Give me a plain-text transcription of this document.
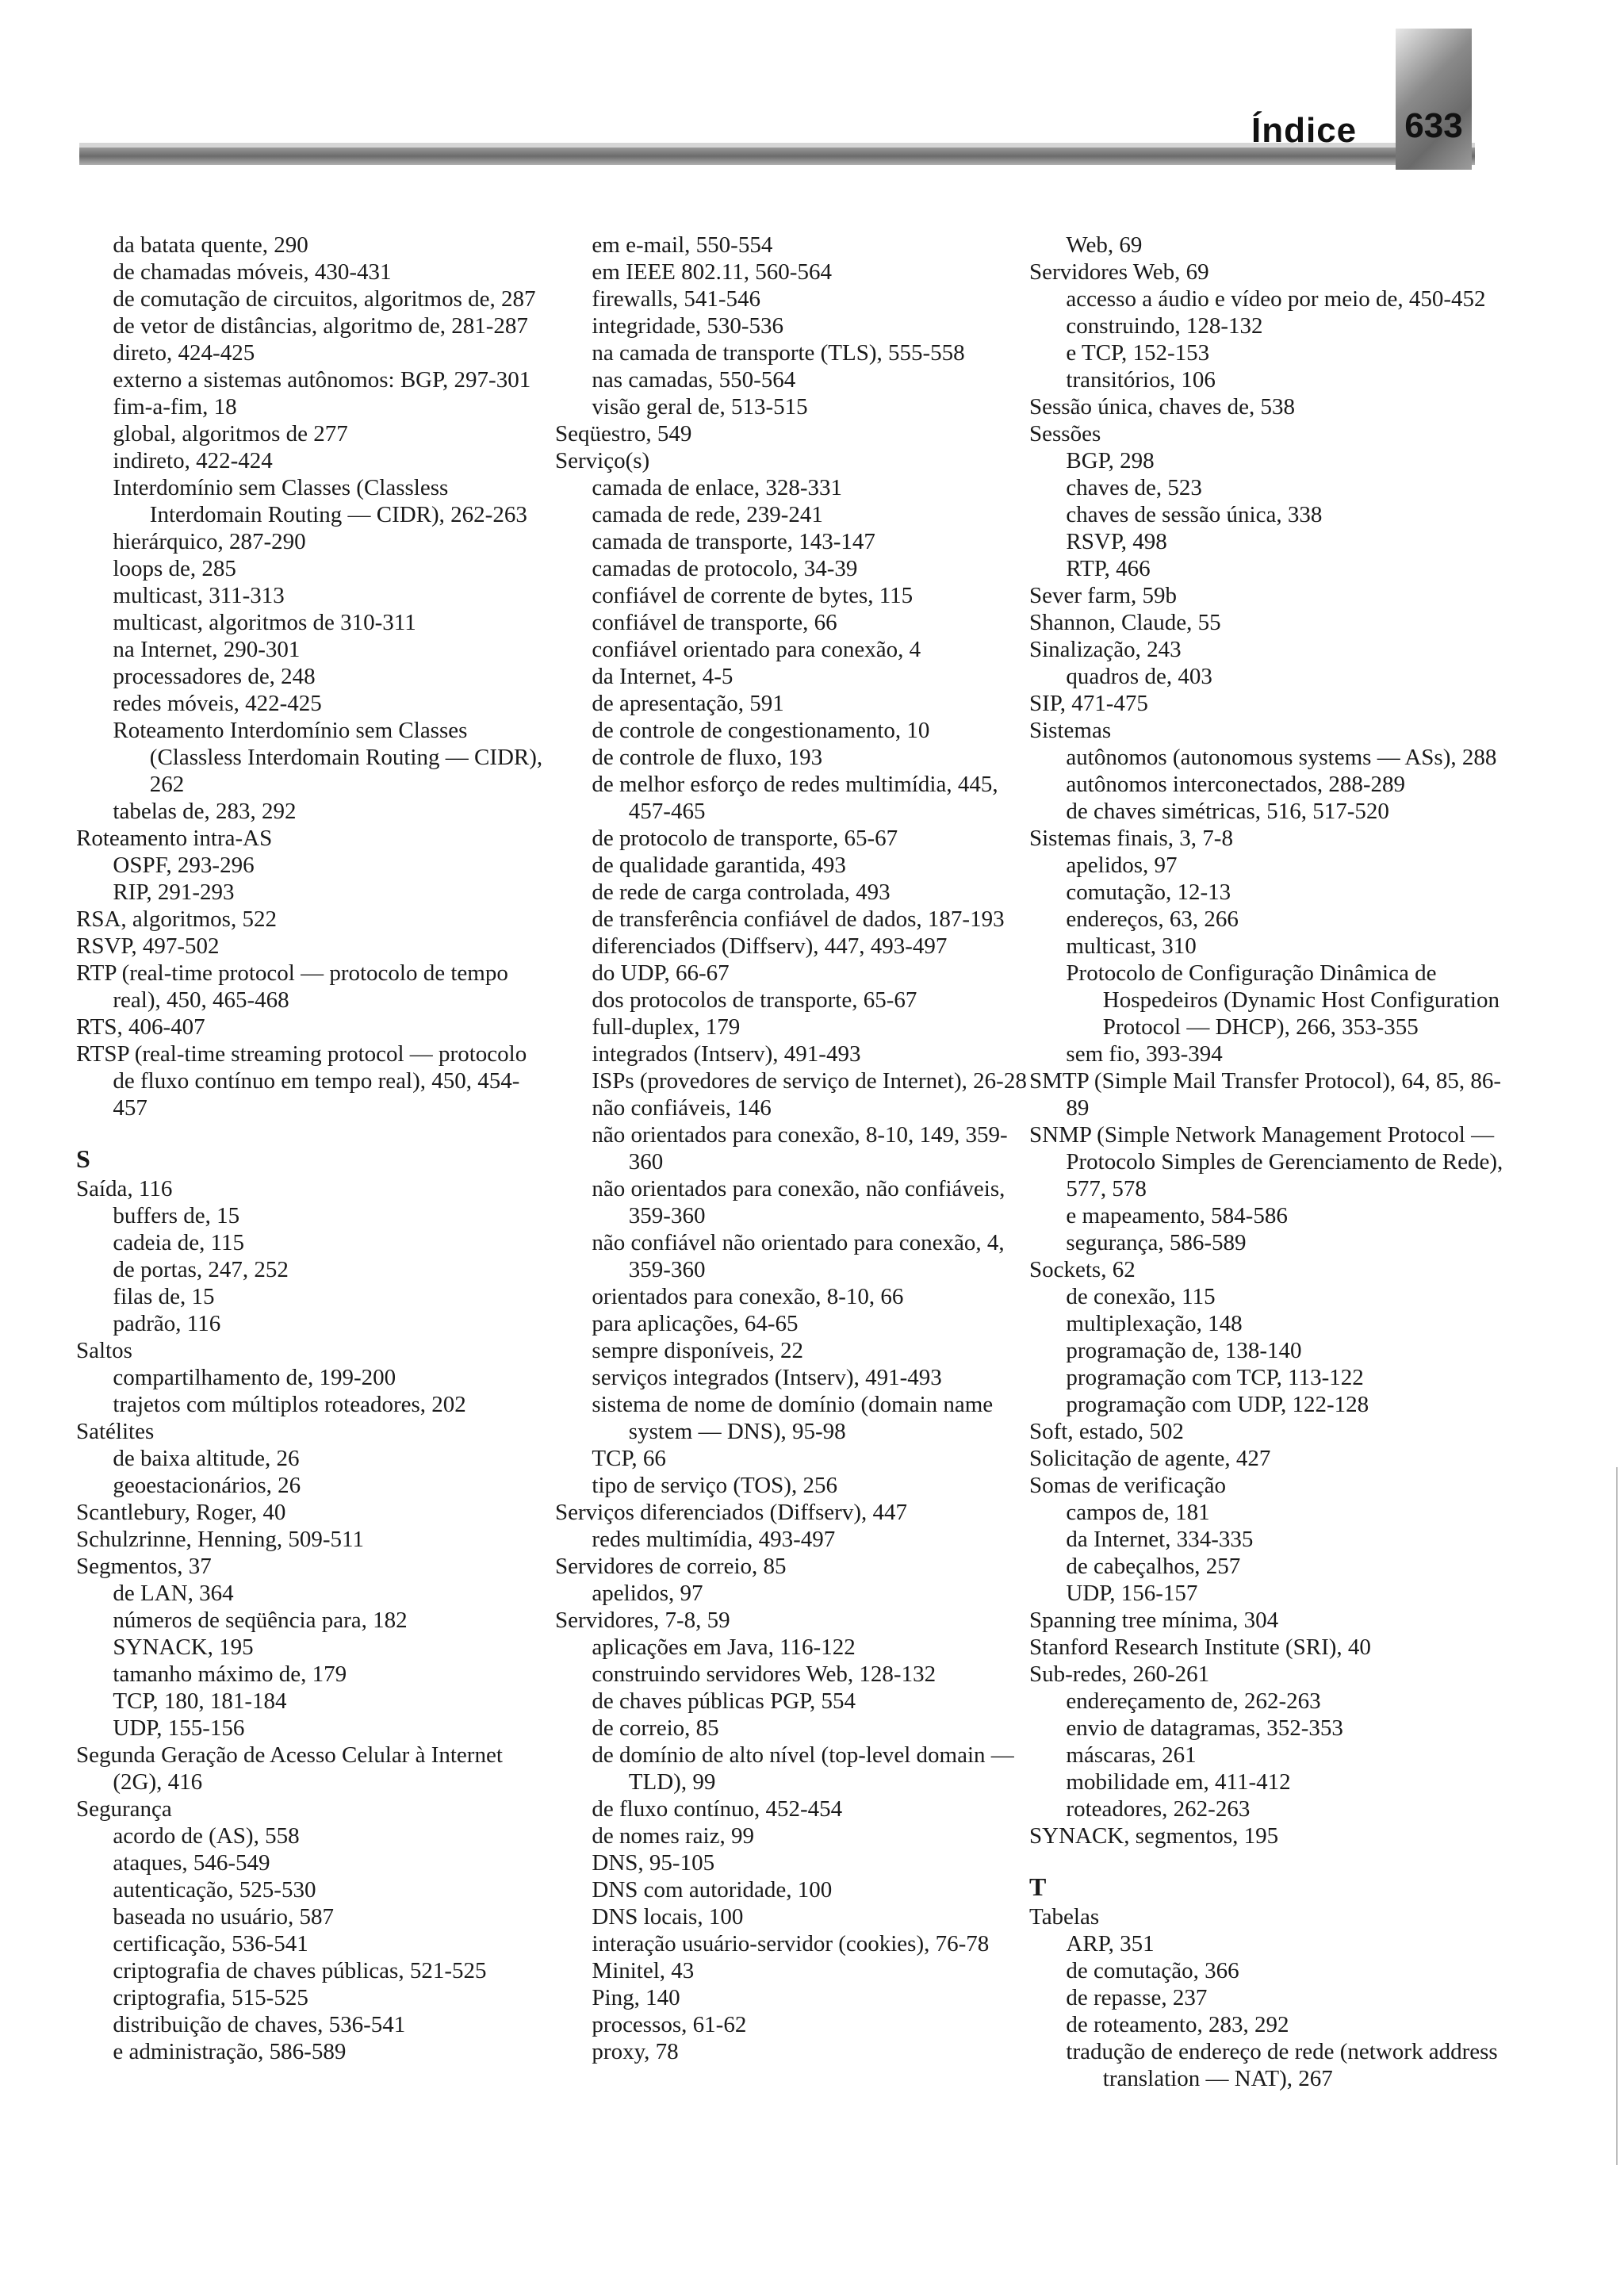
Índice 633

da batata quente, 290

de chamadas móveis, 430-431

de comutação de circuitos, algoritmos de, 287

de vetor de distâncias, algoritmo de, 281-287

direto, 424-425

externo a sistemas autônomos: BGP, 297-301

fim-a-fim, 18

global, algoritmos de 277

indireto, 422-424

Interdomínio sem Classes (Classless Interdomain Routing — CIDR), 262-263

hierárquico, 287-290

loops de, 285

multicast, 311-313

multicast, algoritmos de 310-311

na Internet, 290-301

processadores de, 248

redes móveis, 422-425

Roteamento Interdomínio sem Classes (Classless Interdomain Routing — CIDR), 262

tabelas de, 283, 292

Roteamento intra-AS

OSPF, 293-296

RIP, 291-293

RSA, algoritmos, 522

RSVP, 497-502

RTP (real-time protocol — protocolo de tempo real), 450, 465-468

RTS, 406-407

RTSP (real-time streaming protocol — protocolo de fluxo contínuo em tempo real), 450, 454-457

S

Saída, 116

buffers de, 15

cadeia de, 115

de portas, 247, 252

filas de, 15

padrão, 116

Saltos

compartilhamento de, 199-200

trajetos com múltiplos roteadores, 202

Satélites

de baixa altitude, 26

geoestacionários, 26

Scantlebury, Roger, 40

Schulzrinne, Henning, 509-511

Segmentos, 37

de LAN, 364

números de seqüência para, 182

SYNACK, 195

tamanho máximo de, 179

TCP, 180, 181-184

UDP, 155-156

Segunda Geração de Acesso Celular à Internet (2G), 416

Segurança

acordo de (AS), 558

ataques, 546-549

autenticação, 525-530

baseada no usuário, 587

certificação, 536-541

criptografia de chaves públicas, 521-525

criptografia, 515-525

distribuição de chaves, 536-541

e administração, 586-589

em e-mail, 550-554

em IEEE 802.11, 560-564

firewalls, 541-546

integridade, 530-536

na camada de transporte (TLS), 555-558

nas camadas, 550-564

visão geral de, 513-515

Seqüestro, 549

Serviço(s)

camada de enlace, 328-331

camada de rede, 239-241

camada de transporte, 143-147

camadas de protocolo, 34-39

confiável de corrente de bytes, 115

confiável de transporte, 66

confiável orientado para conexão, 4

da Internet, 4-5

de apresentação, 591

de controle de congestionamento, 10

de controle de fluxo, 193

de melhor esforço de redes multimídia, 445, 457-465

de protocolo de transporte, 65-67

de qualidade garantida, 493

de rede de carga controlada, 493

de transferência confiável de dados, 187-193

diferenciados (Diffserv), 447, 493-497

do UDP, 66-67

dos protocolos de transporte, 65-67

full-duplex, 179

integrados (Intserv), 491-493

ISPs (provedores de serviço de Internet), 26-28

não confiáveis, 146

não orientados para conexão, 8-10, 149, 359-360

não orientados para conexão, não confiáveis, 359-360

não confiável não orientado para conexão, 4, 359-360

orientados para conexão, 8-10, 66

para aplicações, 64-65

sempre disponíveis, 22

serviços integrados (Intserv), 491-493

sistema de nome de domínio (domain name system — DNS), 95-98

TCP, 66

tipo de serviço (TOS), 256

Serviços diferenciados (Diffserv), 447

redes multimídia, 493-497

Servidores de correio, 85

apelidos, 97

Servidores, 7-8, 59

aplicações em Java, 116-122

construindo servidores Web, 128-132

de chaves públicas PGP, 554

de correio, 85

de domínio de alto nível (top-level domain — TLD), 99

de fluxo contínuo, 452-454

de nomes raiz, 99

DNS, 95-105

DNS com autoridade, 100

DNS locais, 100

interação usuário-servidor (cookies), 76-78

Minitel, 43

Ping, 140

processos, 61-62

proxy, 78

Web, 69

Servidores Web, 69

accesso a áudio e vídeo por meio de, 450-452

construindo, 128-132

e TCP, 152-153

transitórios, 106

Sessão única, chaves de, 538

Sessões

BGP, 298

chaves de, 523

chaves de sessão única, 338

RSVP, 498

RTP, 466

Sever farm, 59b

Shannon, Claude, 55

Sinalização, 243

quadros de, 403

SIP, 471-475

Sistemas

autônomos (autonomous systems — ASs), 288

autônomos interconectados, 288-289

de chaves simétricas, 516, 517-520

Sistemas finais, 3, 7-8

apelidos, 97

comutação, 12-13

endereços, 63, 266

multicast, 310

Protocolo de Configuração Dinâmica de Hospedeiros (Dynamic Host Configuration Protocol — DHCP), 266, 353-355

sem fio, 393-394

SMTP (Simple Mail Transfer Protocol), 64, 85, 86-89

SNMP (Simple Network Management Protocol — Protocolo Simples de Gerenciamento de Rede), 577, 578

e mapeamento, 584-586

segurança, 586-589

Sockets, 62

de conexão, 115

multiplexação, 148

programação de, 138-140

programação com TCP, 113-122

programação com UDP, 122-128

Soft, estado, 502

Solicitação de agente, 427

Somas de verificação

campos de, 181

da Internet, 334-335

de cabeçalhos, 257

UDP, 156-157

Spanning tree mínima, 304

Stanford Research Institute (SRI), 40

Sub-redes, 260-261

endereçamento de, 262-263

envio de datagramas, 352-353

máscaras, 261

mobilidade em, 411-412

roteadores, 262-263

SYNACK, segmentos, 195

T

Tabelas

ARP, 351

de comutação, 366

de repasse, 237

de roteamento, 283, 292

tradução de endereço de rede (network address translation — NAT), 267
